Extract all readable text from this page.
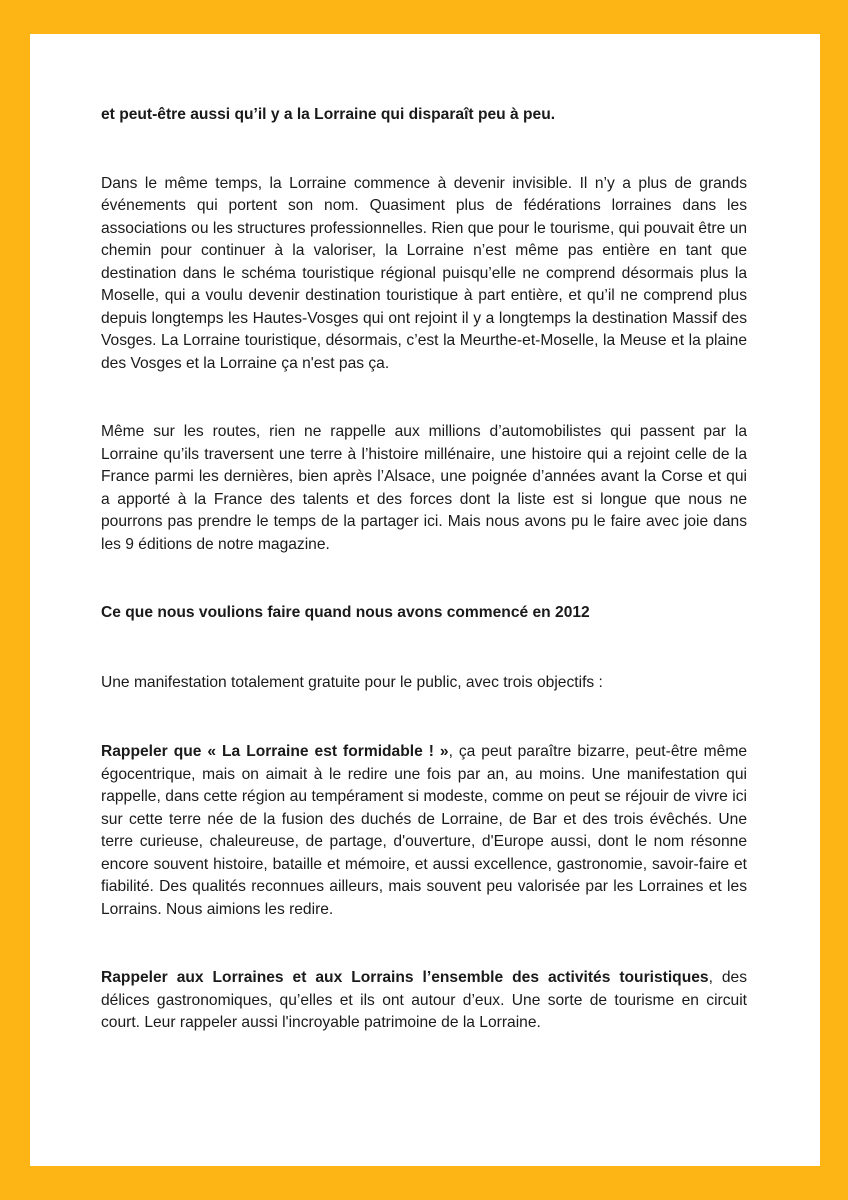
et peut-être aussi qu’il y a la Lorraine qui disparaît peu à peu.

Dans le même temps, la Lorraine commence à devenir invisible. Il n’y a plus de grands événements qui portent son nom. Quasiment plus de fédérations lorraines dans les associations ou les structures professionnelles. Rien que pour le tourisme, qui pouvait être un chemin pour continuer à la valoriser, la Lorraine n’est même pas entière en tant que destination dans le schéma touristique régional puisqu’elle ne comprend désormais plus la Moselle, qui a voulu devenir destination touristique à part entière, et qu’il ne comprend plus depuis longtemps les Hautes-Vosges qui ont rejoint il y a longtemps la destination Massif des Vosges. La Lorraine touristique, désormais, c’est la Meurthe-et-Moselle, la Meuse et la plaine des Vosges et la Lorraine ça n'est pas ça.

Même sur les routes, rien ne rappelle aux millions d’automobilistes qui passent par la Lorraine qu’ils traversent une terre à l’histoire millénaire, une histoire qui a rejoint celle de la France parmi les dernières, bien après l’Alsace, une poignée d’années avant la Corse et qui a apporté à la France des talents et des forces dont la liste est si longue que nous ne pourrons pas prendre le temps de la partager ici. Mais nous avons pu le faire avec joie dans les 9 éditions de notre magazine.

Ce que nous voulions faire quand nous avons commencé en 2012

Une manifestation totalement gratuite pour le public, avec trois objectifs :

Rappeler que « La Lorraine est formidable ! », ça peut paraître bizarre, peut-être même égocentrique, mais on aimait à le redire une fois par an, au moins. Une manifestation qui rappelle, dans cette région au tempérament si modeste, comme on peut se réjouir de vivre ici sur cette terre née de la fusion des duchés de Lorraine, de Bar et des trois évêchés. Une terre curieuse, chaleureuse, de partage, d'ouverture, d'Europe aussi, dont le nom résonne encore souvent histoire, bataille et mémoire, et aussi excellence, gastronomie, savoir-faire et fiabilité. Des qualités reconnues ailleurs, mais souvent peu valorisée par les Lorraines et les Lorrains. Nous aimions les redire.

Rappeler aux Lorraines et aux Lorrains l’ensemble des activités touristiques, des délices gastronomiques, qu’elles et ils ont autour d’eux. Une sorte de tourisme en circuit court. Leur rappeler aussi l'incroyable patrimoine de la Lorraine.
